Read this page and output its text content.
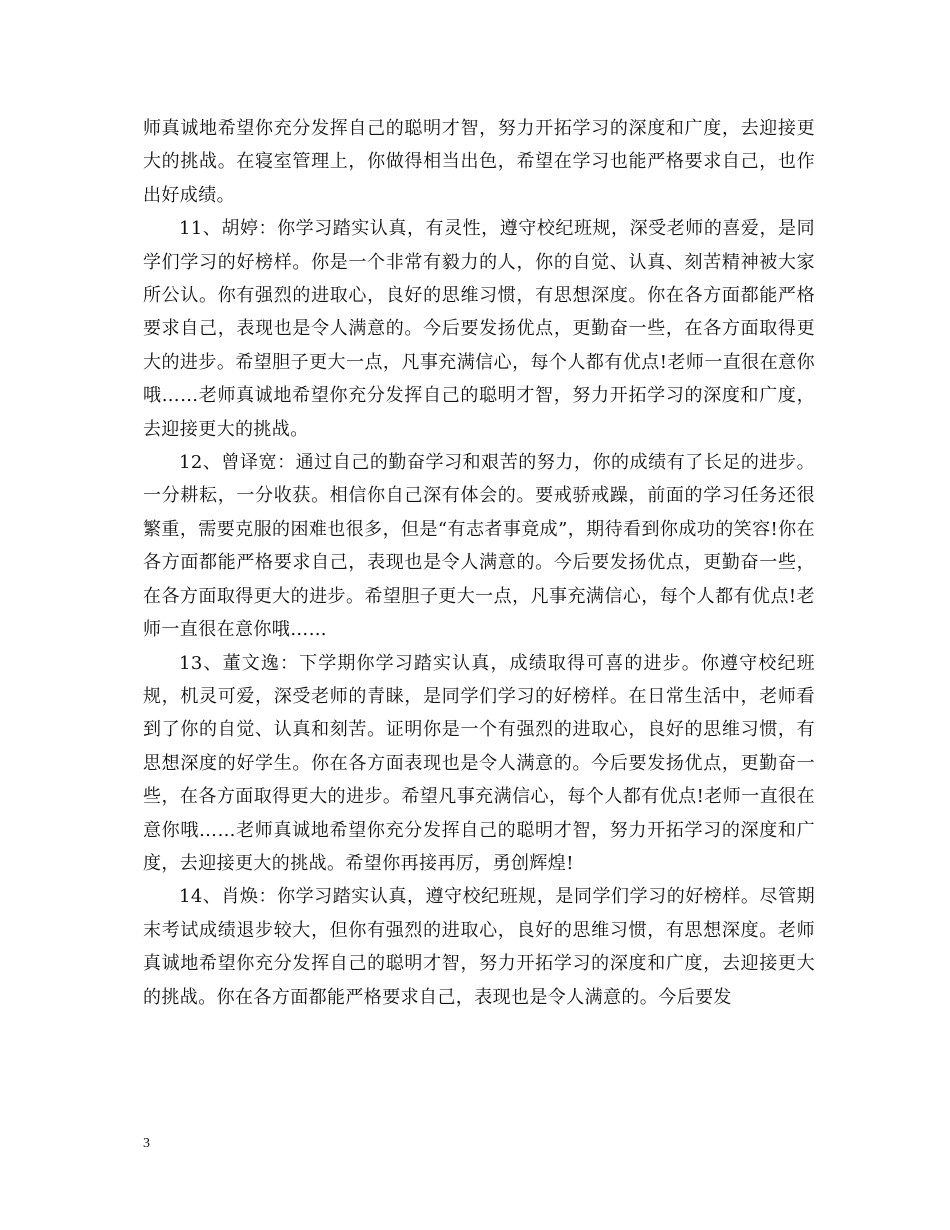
师真诚地希望你充分发挥自己的聪明才智，努力开拓学习的深度和广度，去迎接更大的挑战。在寝室管理上，你做得相当出色，希望在学习也能严格要求自己，也作出好成绩。

11、胡婷：你学习踏实认真，有灵性，遵守校纪班规，深受老师的喜爱，是同学们学习的好榜样。你是一个非常有毅力的人，你的自觉、认真、刻苦精神被大家所公认。你有强烈的进取心，良好的思维习惯，有思想深度。你在各方面都能严格要求自己，表现也是令人满意的。今后要发扬优点，更勤奋一些，在各方面取得更大的进步。希望胆子更大一点，凡事充满信心，每个人都有优点!老师一直很在意你哦……老师真诚地希望你充分发挥自己的聪明才智，努力开拓学习的深度和广度，去迎接更大的挑战。

12、曾译宽：通过自己的勤奋学习和艰苦的努力，你的成绩有了长足的进步。一分耕耘，一分收获。相信你自己深有体会的。要戒骄戒躁，前面的学习任务还很繁重，需要克服的困难也很多，但是“有志者事竟成”，期待看到你成功的笑容!你在各方面都能严格要求自己，表现也是令人满意的。今后要发扬优点，更勤奋一些，在各方面取得更大的进步。希望胆子更大一点，凡事充满信心，每个人都有优点!老师一直很在意你哦……

13、董文逸：下学期你学习踏实认真，成绩取得可喜的进步。你遵守校纪班规，机灵可爱，深受老师的青睐，是同学们学习的好榜样。在日常生活中，老师看到了你的自觉、认真和刻苦。证明你是一个有强烈的进取心，良好的思维习惯，有思想深度的好学生。你在各方面表现也是令人满意的。今后要发扬优点，更勤奋一些，在各方面取得更大的进步。希望凡事充满信心，每个人都有优点!老师一直很在意你哦……老师真诚地希望你充分发挥自己的聪明才智，努力开拓学习的深度和广度，去迎接更大的挑战。希望你再接再厉，勇创辉煌!

14、肖焕：你学习踏实认真，遵守校纪班规，是同学们学习的好榜样。尽管期末考试成绩退步较大，但你有强烈的进取心，良好的思维习惯，有思想深度。老师真诚地希望你充分发挥自己的聪明才智，努力开拓学习的深度和广度，去迎接更大的挑战。你在各方面都能严格要求自己，表现也是令人满意的。今后要发

3
